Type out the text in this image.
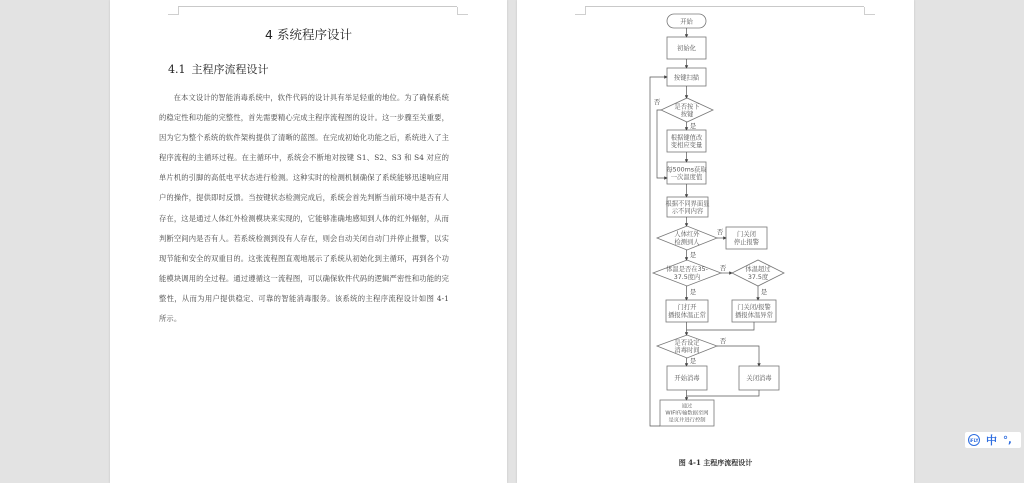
4 系统程序设计
4.1 主程序流程设计

在本文设计的智能消毒系统中，软件代码的设计具有举足轻重的地位。为了确保系统的稳定性和功能的完整性，首先需要精心完成主程序流程图的设计。这一步骤至关重要，因为它为整个系统的软件架构提供了清晰的蓝图。在完成初始化功能之后，系统进入了主程序流程的主循环过程。在主循环中，系统会不断地对按键 S1、S2、S3 和 S4 对应的单片机的引脚的高低电平状态进行检测。这种实时的检测机制确保了系统能够迅速响应用户的操作，提供即时反馈。当按键状态检测完成后，系统会首先判断当前环境中是否有人存在，这是通过人体红外检测模块来实现的，它能够准确地感知到人体的红外辐射，从而判断空间内是否有人。若系统检测到没有人存在，则会自动关闭自动门并停止报警，以实现节能和安全的双重目的。这张流程图直观地展示了系统从初始化到主循环，再到各个功能模块调用的全过程。通过遵循这一流程图，可以确保软件代码的逻辑严密性和功能的完整性，从而为用户提供稳定、可靠的智能消毒服务。该系统的主程序流程设计如图 4-1 所示。

开始
初始化
按键扫描
是否按下
按键
根据键值改
变相应变量
每500ms获取
一次温度值
根据不同界面显
示不同内容
人体红外
检测到人
门关闭
停止报警
体温是否在35-
37.5度内
体温超过
37.5度
门打开
播报体温正常
门关闭/报警
播报体温异常
是否设定
消毒时间
开始消毒	关闭消毒
通过
WIFI传输数据至网
是页并进行控制
否
是
否
是
否
是	是
否
是
图 4-1 主程序流程设计
iFLY 中 °,
